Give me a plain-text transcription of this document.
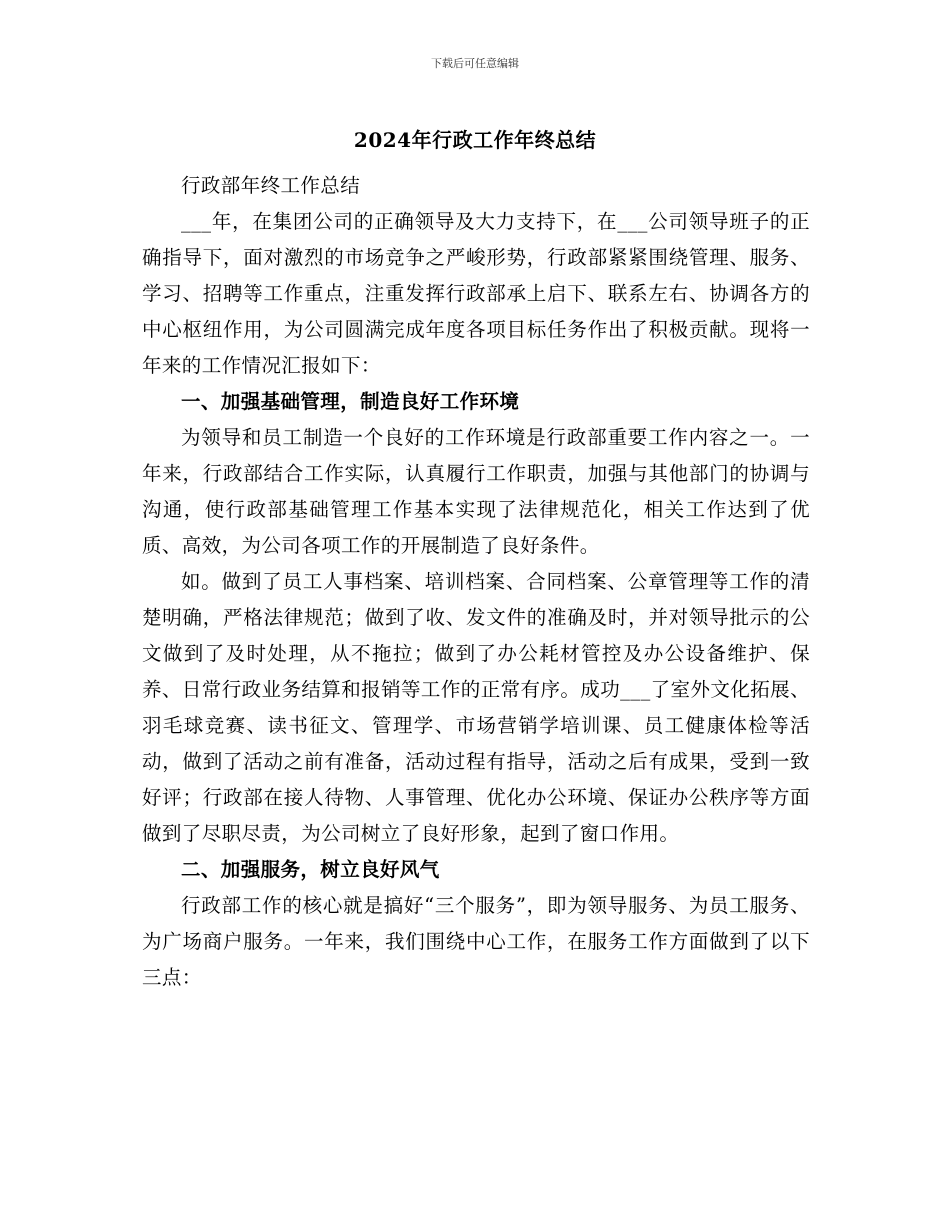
下载后可任意编辑
2024年行政工作年终总结

行政部年终工作总结

___年，在集团公司的正确领导及大力支持下，在___公司领导班子的正确指导下，面对激烈的市场竞争之严峻形势，行政部紧紧围绕管理、服务、学习、招聘等工作重点，注重发挥行政部承上启下、联系左右、协调各方的中心枢纽作用，为公司圆满完成年度各项目标任务作出了积极贡献。现将一年来的工作情况汇报如下：

一、加强基础管理，制造良好工作环境

为领导和员工制造一个良好的工作环境是行政部重要工作内容之一。一年来，行政部结合工作实际，认真履行工作职责，加强与其他部门的协调与沟通，使行政部基础管理工作基本实现了法律规范化，相关工作达到了优质、高效，为公司各项工作的开展制造了良好条件。

如。做到了员工人事档案、培训档案、合同档案、公章管理等工作的清楚明确，严格法律规范；做到了收、发文件的准确及时，并对领导批示的公文做到了及时处理，从不拖拉；做到了办公耗材管控及办公设备维护、保养、日常行政业务结算和报销等工作的正常有序。成功___了室外文化拓展、羽毛球竞赛、读书征文、管理学、市场营销学培训课、员工健康体检等活动，做到了活动之前有准备，活动过程有指导，活动之后有成果，受到一致好评；行政部在接人待物、人事管理、优化办公环境、保证办公秩序等方面做到了尽职尽责，为公司树立了良好形象，起到了窗口作用。

二、加强服务，树立良好风气

行政部工作的核心就是搞好“三个服务”，即为领导服务、为员工服务、为广场商户服务。一年来，我们围绕中心工作，在服务工作方面做到了以下三点：
